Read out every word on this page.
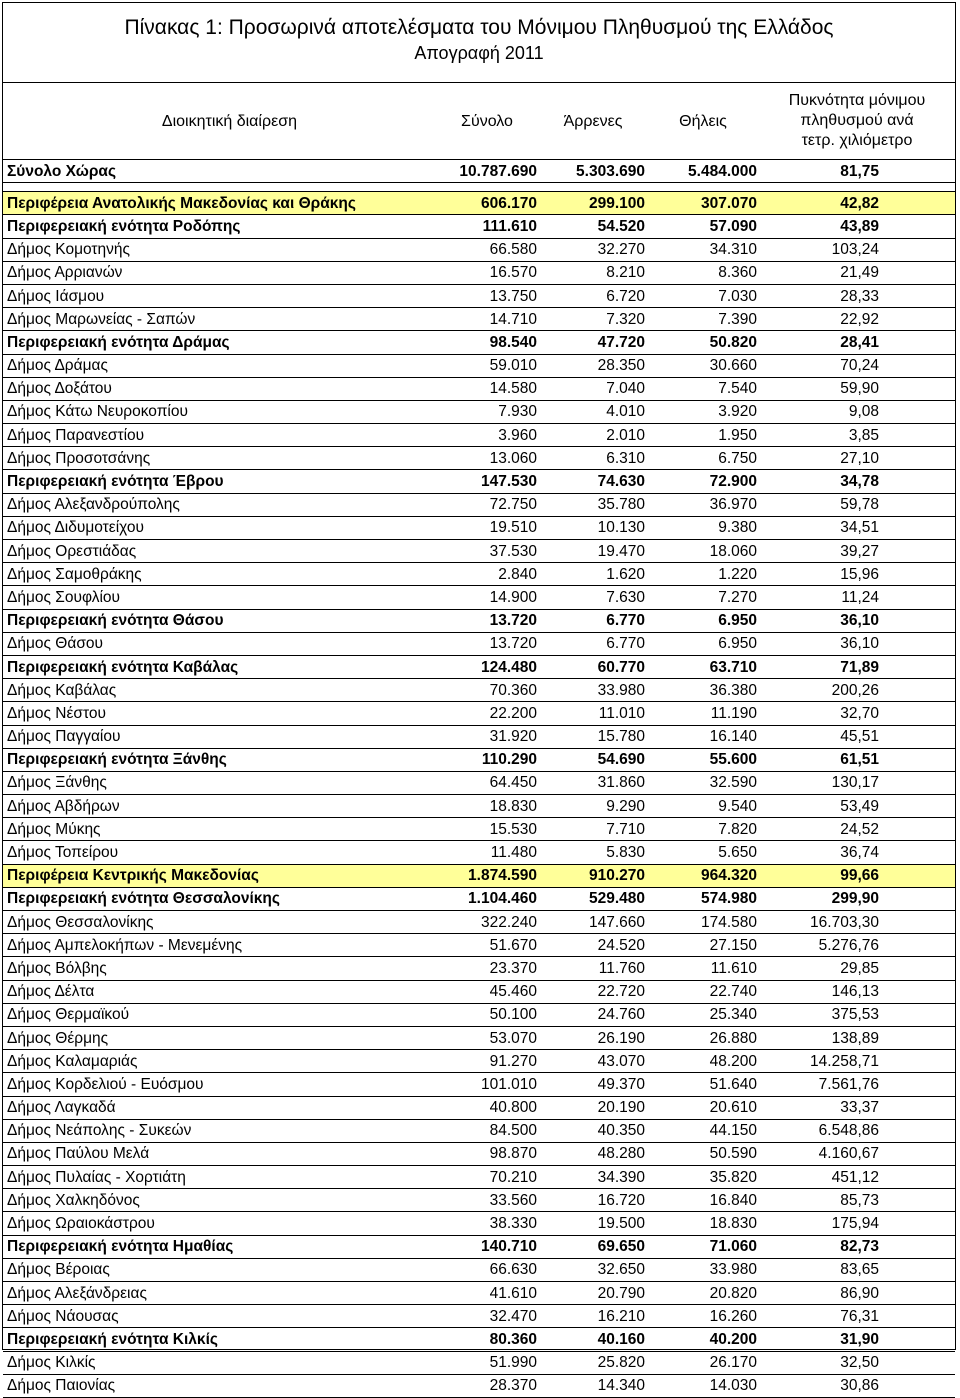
Πίνακας 1: Προσωρινά αποτελέσματα του Μόνιμου Πληθυσμού της Ελλάδος
Απογραφή 2011
Διοικητική διαίρεση	Σύνολο	Άρρενες	Θήλεις	Πυκνότητα μόνιμου
πληθυσμού ανά
τετρ. χιλιόμετρο
Σύνολο Χώρας	10.787.690	5.303.690	5.484.000	81,75

Περιφέρεια Ανατολικής Μακεδονίας και Θράκης	606.170	299.100	307.070	42,82
Περιφερειακή ενότητα Ροδόπης	111.610	54.520	57.090	43,89
Δήμος Κομοτηνής	66.580	32.270	34.310	103,24
Δήμος Αρριανών	16.570	8.210	8.360	21,49
Δήμος Ιάσμου	13.750	6.720	7.030	28,33
Δήμος Μαρωνείας - Σαπών	14.710	7.320	7.390	22,92
Περιφερειακή ενότητα Δράμας	98.540	47.720	50.820	28,41
Δήμος Δράμας	59.010	28.350	30.660	70,24
Δήμος Δοξάτου	14.580	7.040	7.540	59,90
Δήμος Κάτω Νευροκοπίου	7.930	4.010	3.920	9,08
Δήμος Παρανεστίου	3.960	2.010	1.950	3,85
Δήμος Προσοτσάνης	13.060	6.310	6.750	27,10
Περιφερειακή ενότητα Έβρου	147.530	74.630	72.900	34,78
Δήμος Αλεξανδρούπολης	72.750	35.780	36.970	59,78
Δήμος Διδυμοτείχου	19.510	10.130	9.380	34,51
Δήμος Ορεστιάδας	37.530	19.470	18.060	39,27
Δήμος Σαμοθράκης	2.840	1.620	1.220	15,96
Δήμος Σουφλίου	14.900	7.630	7.270	11,24
Περιφερειακή ενότητα Θάσου	13.720	6.770	6.950	36,10
Δήμος Θάσου	13.720	6.770	6.950	36,10
Περιφερειακή ενότητα Καβάλας	124.480	60.770	63.710	71,89
Δήμος Καβάλας	70.360	33.980	36.380	200,26
Δήμος Νέστου	22.200	11.010	11.190	32,70
Δήμος Παγγαίου	31.920	15.780	16.140	45,51
Περιφερειακή ενότητα Ξάνθης	110.290	54.690	55.600	61,51
Δήμος Ξάνθης	64.450	31.860	32.590	130,17
Δήμος Αβδήρων	18.830	9.290	9.540	53,49
Δήμος Μύκης	15.530	7.710	7.820	24,52
Δήμος Τοπείρου	11.480	5.830	5.650	36,74
Περιφέρεια Κεντρικής Μακεδονίας	1.874.590	910.270	964.320	99,66
Περιφερειακή ενότητα Θεσσαλονίκης	1.104.460	529.480	574.980	299,90
Δήμος Θεσσαλονίκης	322.240	147.660	174.580	16.703,30
Δήμος Αμπελοκήπων - Μενεμένης	51.670	24.520	27.150	5.276,76
Δήμος Βόλβης	23.370	11.760	11.610	29,85
Δήμος Δέλτα	45.460	22.720	22.740	146,13
Δήμος Θερμαϊκού	50.100	24.760	25.340	375,53
Δήμος Θέρμης	53.070	26.190	26.880	138,89
Δήμος Καλαμαριάς	91.270	43.070	48.200	14.258,71
Δήμος Κορδελιού - Ευόσμου	101.010	49.370	51.640	7.561,76
Δήμος Λαγκαδά	40.800	20.190	20.610	33,37
Δήμος Νεάπολης - Συκεών	84.500	40.350	44.150	6.548,86
Δήμος Παύλου Μελά	98.870	48.280	50.590	4.160,67
Δήμος Πυλαίας - Χορτιάτη	70.210	34.390	35.820	451,12
Δήμος Χαλκηδόνος	33.560	16.720	16.840	85,73
Δήμος Ωραιοκάστρου	38.330	19.500	18.830	175,94
Περιφερειακή ενότητα Ημαθίας	140.710	69.650	71.060	82,73
Δήμος Βέροιας	66.630	32.650	33.980	83,65
Δήμος Αλεξάνδρειας	41.610	20.790	20.820	86,90
Δήμος Νάουσας	32.470	16.210	16.260	76,31
Περιφερειακή ενότητα Κιλκίς	80.360	40.160	40.200	31,90
Δήμος Κιλκίς	51.990	25.820	26.170	32,50
Δήμος Παιονίας	28.370	14.340	14.030	30,86
